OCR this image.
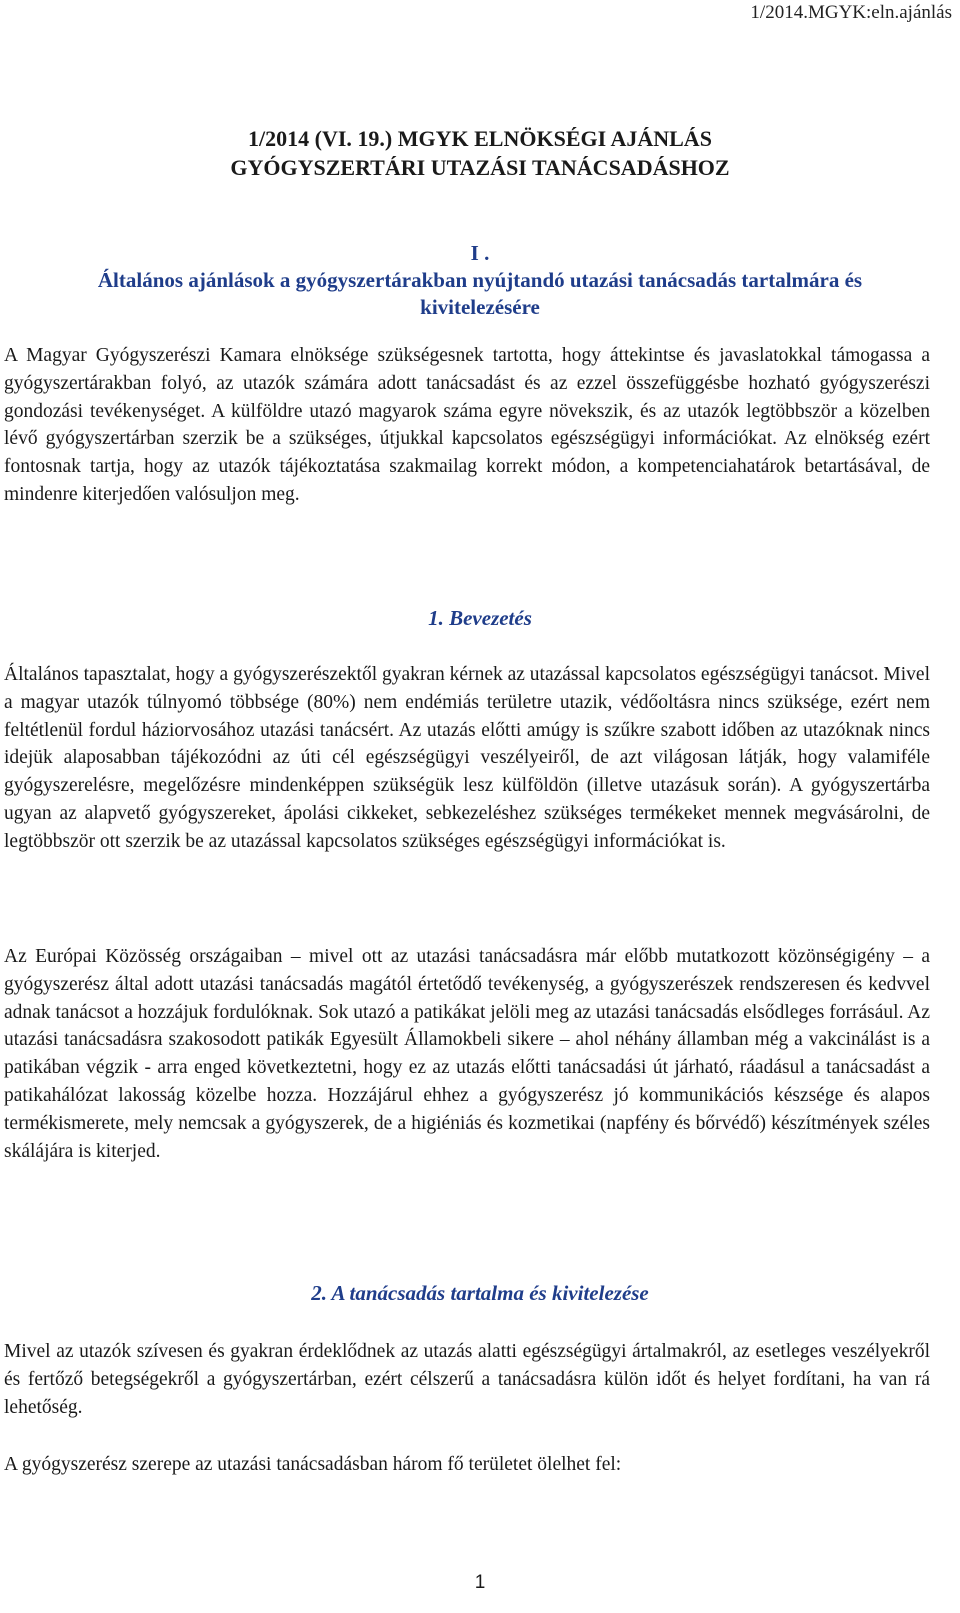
1/2014.MGYK:eln.ajánlás
1/2014 (VI. 19.) MGYK ELNÖKSÉGI AJÁNLÁS
GYÓGYSZERTÁRI UTAZÁSI TANÁCSADÁSHOZ
I .
Általános ajánlások a gyógyszertárakban nyújtandó utazási tanácsadás tartalmára és
kivitelezésére

A Magyar Gyógyszerészi Kamara elnöksége szükségesnek tartotta, hogy áttekintse és javaslatokkal támogassa a gyógyszertárakban folyó, az utazók számára adott tanácsadást és az ezzel összefüggésbe hozható gyógyszerészi gondozási tevékenységet. A külföldre utazó magyarok száma egyre növekszik, és az utazók legtöbbször a közelben lévő gyógyszertárban szerzik be a szükséges, útjukkal kapcsolatos egészségügyi információkat. Az elnökség ezért fontosnak tartja, hogy az utazók tájékoztatása szakmailag korrekt módon, a kompetenciahatárok betartásával, de mindenre kiterjedően valósuljon meg.

1. Bevezetés

Általános tapasztalat, hogy a gyógyszerészektől gyakran kérnek az utazással kapcsolatos egészségügyi tanácsot. Mivel a magyar utazók túlnyomó többsége (80%) nem endémiás területre utazik, védőoltásra nincs szüksége, ezért nem feltétlenül fordul háziorvosához utazási tanácsért. Az utazás előtti amúgy is szűkre szabott időben az utazóknak nincs idejük alaposabban tájékozódni az úti cél egészségügyi veszélyeiről, de azt világosan látják, hogy valamiféle gyógyszerelésre, megelőzésre mindenképpen szükségük lesz külföldön (illetve utazásuk során). A gyógyszertárba ugyan az alapvető gyógyszereket, ápolási cikkeket, sebkezeléshez szükséges termékeket mennek megvásárolni, de legtöbbször ott szerzik be az utazással kapcsolatos szükséges egészségügyi információkat is.

Az Európai Közösség országaiban – mivel ott az utazási tanácsadásra már előbb mutatkozott közönségigény – a gyógyszerész által adott utazási tanácsadás magától értetődő tevékenység, a gyógyszerészek rendszeresen és kedvvel adnak tanácsot a hozzájuk fordulóknak. Sok utazó a patikákat jelöli meg az utazási tanácsadás elsődleges forrásául. Az utazási tanácsadásra szakosodott patikák Egyesült Államokbeli sikere – ahol néhány államban még a vakcinálást is a patikában végzik - arra enged következtetni, hogy ez az utazás előtti tanácsadási út járható, ráadásul a tanácsadást a patikahálózat lakosság közelbe hozza. Hozzájárul ehhez a gyógyszerész jó kommunikációs készsége és alapos termékismerete, mely nemcsak a gyógyszerek, de a higiéniás és kozmetikai (napfény és bőrvédő) készítmények széles skálájára is kiterjed.

2. A tanácsadás tartalma és kivitelezése

Mivel az utazók szívesen és gyakran érdeklődnek az utazás alatti egészségügyi ártalmakról, az esetleges veszélyekről és fertőző betegségekről a gyógyszertárban, ezért célszerű a tanácsadásra külön időt és helyet fordítani, ha van rá lehetőség.

A gyógyszerész szerepe az utazási tanácsadásban három fő területet ölelhet fel:

1
